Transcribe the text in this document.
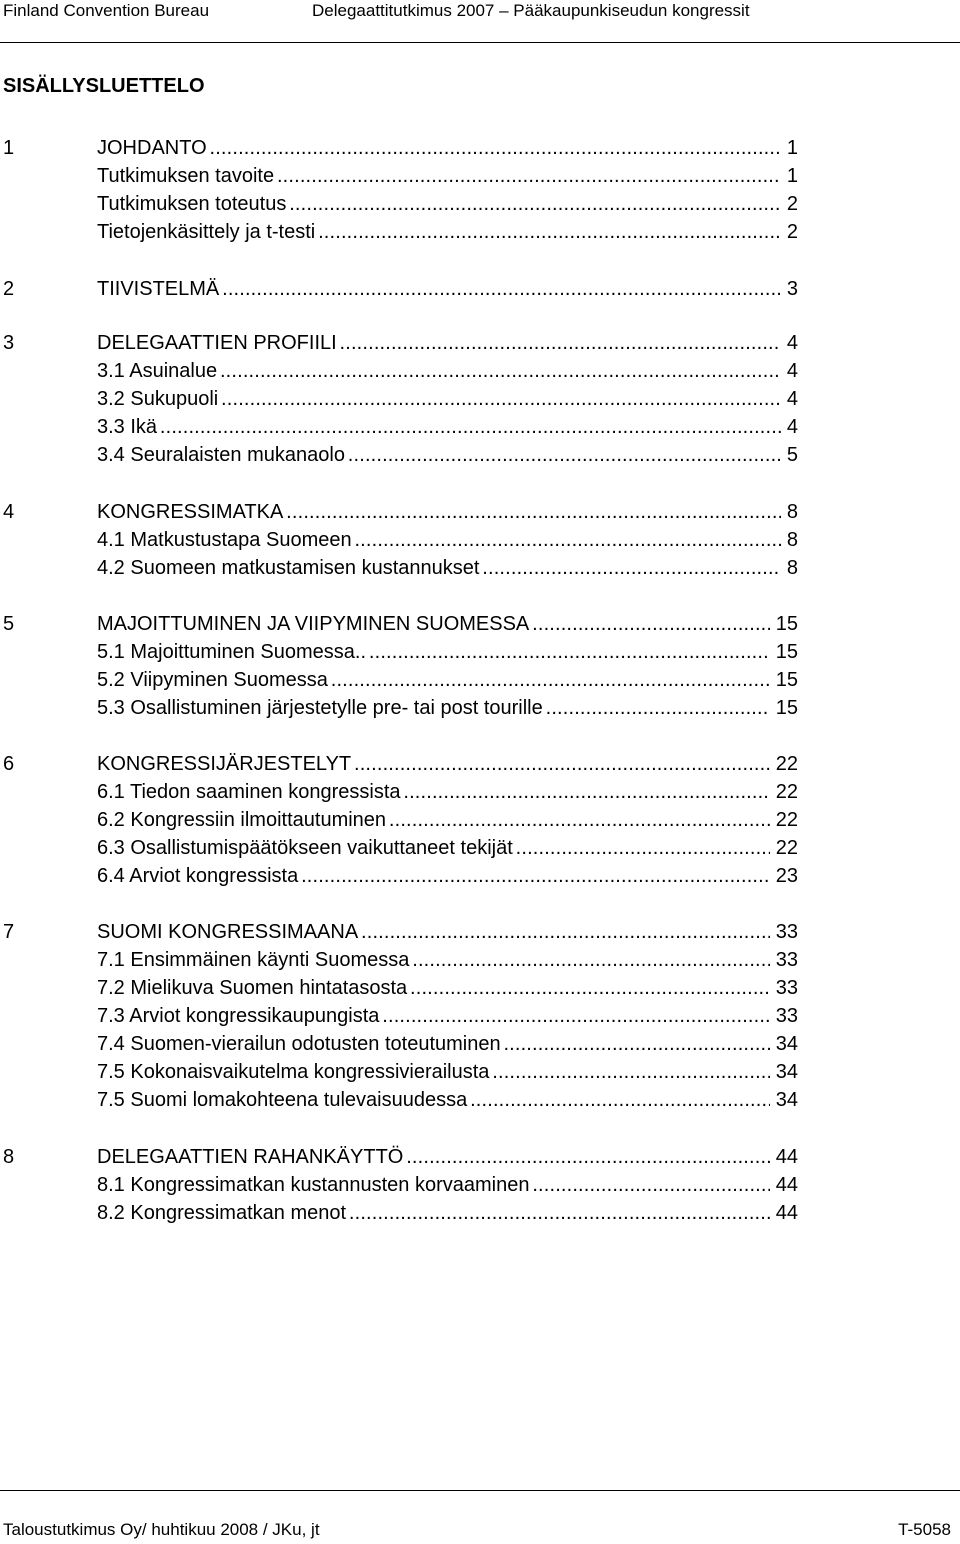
Finland Convention Bureau	Delegaattitutkimus 2007 – Pääkaupunkiseudun kongressit
SISÄLLYSLUETTELO
1	JOHDANTO . . .	1
Tutkimuksen tavoite . . .	1
Tutkimuksen toteutus . . .	2
Tietojenkäsittely ja t-testi . . .	2
2	TIIVISTELMÄ . . .	3
3	DELEGAATTIEN PROFIILI . . .	4
3.1 Asuinalue . . .	4
3.2 Sukupuoli . . .	4
3.3 Ikä . . .	4
3.4 Seuralaisten mukanaolo . . .	5
4	KONGRESSIMATKA . . .	8
4.1 Matkustustapa Suomeen . . .	8
4.2 Suomeen matkustamisen kustannukset . . .	8
5	MAJOITTUMINEN JA VIIPYMINEN SUOMESSA . . .	15
5.1 Majoittuminen Suomessa.. . . .	15
5.2 Viipyminen Suomessa . . .	15
5.3 Osallistuminen järjestetylle pre- tai post tourille . . .	15
6	KONGRESSIJÄRJESTELYT . . .	22
6.1 Tiedon saaminen kongressista . . .	22
6.2 Kongressiin ilmoittautuminen . . .	22
6.3 Osallistumispäätökseen vaikuttaneet tekijät . . .	22
6.4 Arviot kongressista . . .	23
7	SUOMI KONGRESSIMAANA . . .	33
7.1 Ensimmäinen käynti Suomessa . . .	33
7.2 Mielikuva Suomen hintatasosta . . .	33
7.3 Arviot kongressikaupungista . . .	33
7.4 Suomen-vierailun odotusten toteutuminen . . .	34
7.5 Kokonaisvaikutelma kongressivierailusta . . .	34
7.5 Suomi lomakohteena tulevaisuudessa . . .	34
8	DELEGAATTIEN RAHANKÄYTTÖ . . .	44
8.1 Kongressimatkan kustannusten korvaaminen . . .	44
8.2 Kongressimatkan menot . . .	44
Taloustutkimus Oy/ huhtikuu 2008 / JKu, jt	T-5058
